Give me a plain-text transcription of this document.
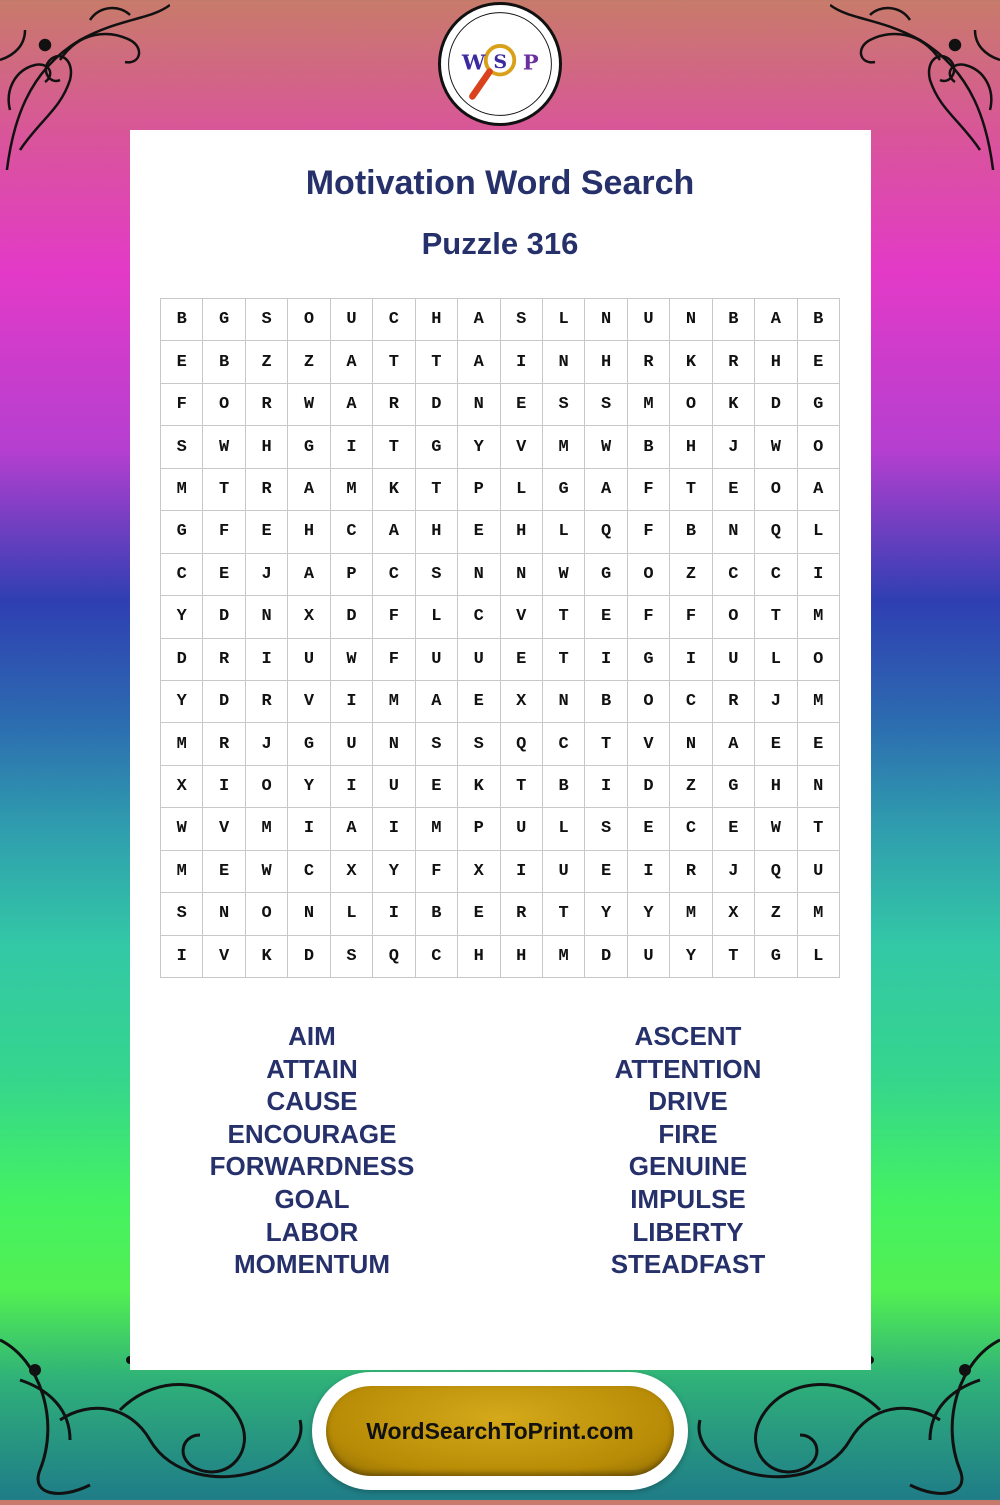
W S P
Motivation Word Search
Puzzle 316
B	G	S	O	U	C	H	A	S	L	N	U	N	B	A	B
E	B	Z	Z	A	T	T	A	I	N	H	R	K	R	H	E
F	O	R	W	A	R	D	N	E	S	S	M	O	K	D	G
S	W	H	G	I	T	G	Y	V	M	W	B	H	J	W	O
M	T	R	A	M	K	T	P	L	G	A	F	T	E	O	A
G	F	E	H	C	A	H	E	H	L	Q	F	B	N	Q	L
C	E	J	A	P	C	S	N	N	W	G	O	Z	C	C	I
Y	D	N	X	D	F	L	C	V	T	E	F	F	O	T	M
D	R	I	U	W	F	U	U	E	T	I	G	I	U	L	O
Y	D	R	V	I	M	A	E	X	N	B	O	C	R	J	M
M	R	J	G	U	N	S	S	Q	C	T	V	N	A	E	E
X	I	O	Y	I	U	E	K	T	B	I	D	Z	G	H	N
W	V	M	I	A	I	M	P	U	L	S	E	C	E	W	T
M	E	W	C	X	Y	F	X	I	U	E	I	R	J	Q	U
S	N	O	N	L	I	B	E	R	T	Y	Y	M	X	Z	M
I	V	K	D	S	Q	C	H	H	M	D	U	Y	T	G	L
AIM
ATTAIN
CAUSE
ENCOURAGE
FORWARDNESS
GOAL
LABOR
MOMENTUM
ASCENT
ATTENTION
DRIVE
FIRE
GENUINE
IMPULSE
LIBERTY
STEADFAST
WordSearchToPrint.com
